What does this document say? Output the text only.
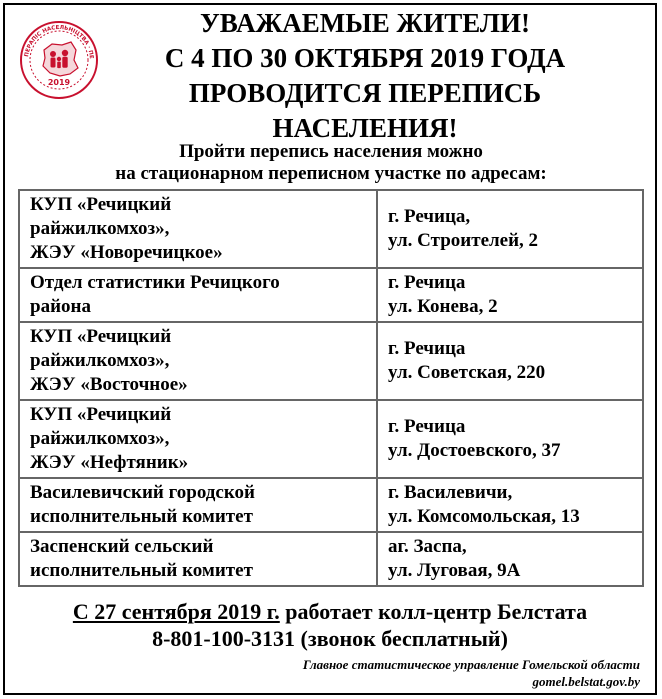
ПЕРАПІС НАСЕЛЬНІЦТВА · ПЕ
2019
УВАЖАЕМЫЕ ЖИТЕЛИ!
С 4 ПО 30 ОКТЯБРЯ 2019 ГОДА
ПРОВОДИТСЯ ПЕРЕПИСЬ
НАСЕЛЕНИЯ!
Пройти перепись населения можно
на стационарном переписном участке по адресам:
КУП «Речицкий
райжилкомхоз»,
ЖЭУ «Новоречицкое»	г. Речица,
ул. Строителей, 2

Отдел статистики Речицкого
района	г. Речица
ул. Конева, 2

КУП «Речицкий
райжилкомхоз»,
ЖЭУ «Восточное»	г. Речица
ул. Советская, 220

КУП «Речицкий
райжилкомхоз»,
ЖЭУ «Нефтяник»	г. Речица
ул. Достоевского, 37

Василевичский городской
исполнительный комитет	г. Василевичи,
ул. Комсомольская, 13

Заспенский сельский
исполнительный комитет	аг. Заспа,
ул. Луговая, 9А
С 27 сентября 2019 г. работает колл-центр Белстата
8-801-100-3131 (звонок бесплатный)
Главное статистическое управление Гомельской области
gomel.belstat.gov.by
